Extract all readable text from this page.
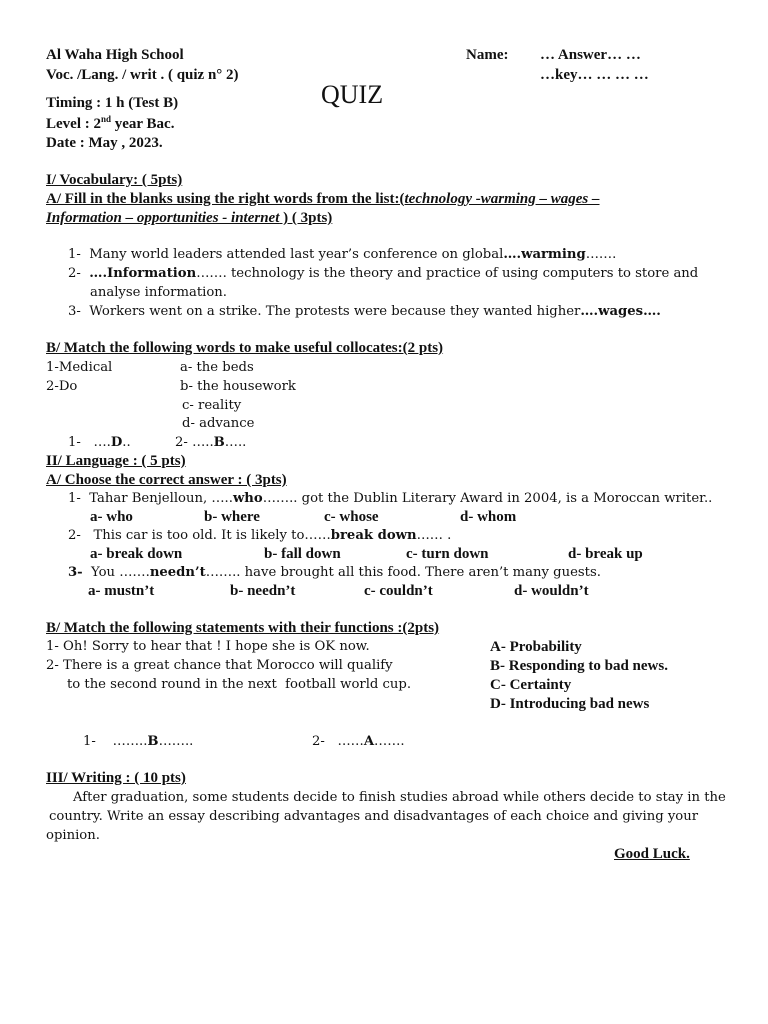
Al Waha High School	Name: … Answer… …
Voc. /Lang. / writ . ( quiz n° 2)	…key… … … …
Timing : 1 h (Test B)	QUIZ
Level : 2nd year Bac.
Date : May , 2023.
I/ Vocabulary: ( 5pts)
A/ Fill in the blanks using the right words from the list:(technology -warming – wages –
Information – opportunities - internet ) ( 3pts)
1- Many world leaders attended last year’s conference on global….warming…….
2- ….Information……. technology is the theory and practice of using computers to store and
analyse information.
3- Workers went on a strike. The protests were because they wanted higher….wages….
B/ Match the following words to make useful collocates:(2 pts)
1-Medical
2-Do
a- the beds
b- the housework
c- reality
d- advance
1- ….D..	2- …..B…..
II/ Language : ( 5 pts)
A/ Choose the correct answer : ( 3pts)
1- Tahar Benjelloun, …..who…….. got the Dublin Literary Award in 2004, is a Moroccan writer..
a- who	b- where	c- whose	d- whom
2-   This car is too old. It is likely to……break down…… .
a- break down	b- fall down	c- turn down	d- break up
3- You …….needn’t…….. have brought all this food. There aren’t many guests.
a- mustn’t	b- needn’t	c- couldn’t	d- wouldn’t
B/ Match the following statements with their functions :(2pts)
1- Oh! Sorry to hear that ! I hope she is OK now.
2- There is a great chance that Morocco will qualify
to the second round in the next  football world cup.
A- Probability
B- Responding to bad news.
C- Certainty
D- Introducing bad news
1- ……..B……..	2- ……A…….
III/ Writing : ( 10 pts)
After graduation, some students decide to finish studies abroad while others decide to stay in the
country. Write an essay describing advantages and disadvantages of each choice and giving your
opinion.
Good Luck.
